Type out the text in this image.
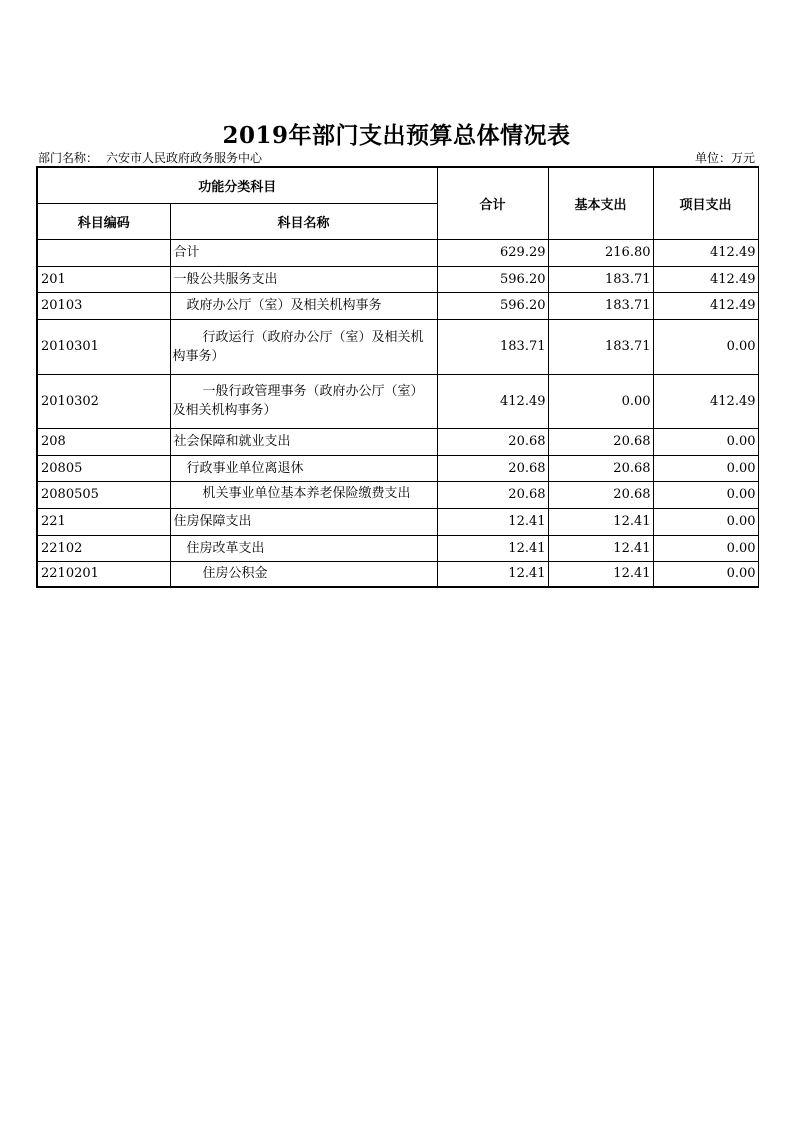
2019年部门支出预算总体情况表
部门名称： 六安市人民政府政务服务中心	单位：万元
功能分类科目		合计	基本支出	项目支出
科目编码	科目名称			
	合计	629.29	216.80	412.49
201	一般公共服务支出	596.20	183.71	412.49
20103	政府办公厅（室）及相关机构事务	596.20	183.71	412.49
2010301	行政运行（政府办公厅（室）及相关机构事务）	183.71	183.71	0.00
2010302	一般行政管理事务（政府办公厅（室）及相关机构事务）	412.49	0.00	412.49
208	社会保障和就业支出	20.68	20.68	0.00
20805	行政事业单位离退休	20.68	20.68	0.00
2080505	机关事业单位基本养老保险缴费支出	20.68	20.68	0.00
221	住房保障支出	12.41	12.41	0.00
22102	住房改革支出	12.41	12.41	0.00
2210201	住房公积金	12.41	12.41	0.00
